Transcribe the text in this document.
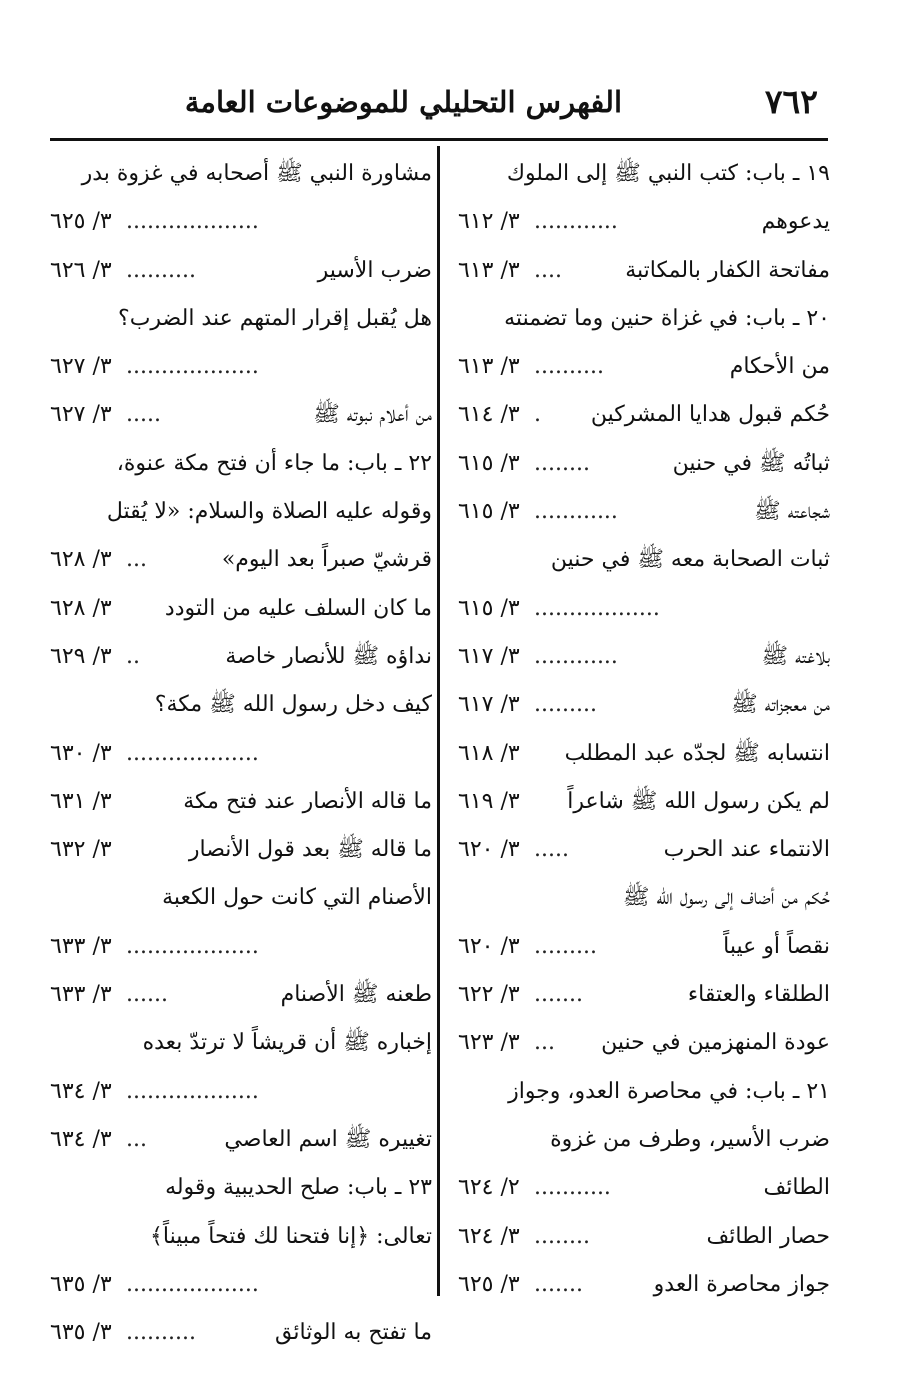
٧٦٢
الفهرس التحليلي للموضوعات العامة
١٩ ـ باب: كتب النبي ﷺ إلى الملوك
يدعوهم
............
٣/ ٦١٢
مفاتحة الكفار بالمكاتبة
....
٣/ ٦١٣
٢٠ ـ باب: في غزاة حنين وما تضمنته
من الأحكام
..........
٣/ ٦١٣
حُكم قبول هدايا المشركين
.
٣/ ٦١٤
ثباتُه ﷺ في حنين
........
٣/ ٦١٥
شجاعته ﷺ
............
٣/ ٦١٥
ثبات الصحابة معه ﷺ في حنين
..................
٣/ ٦١٥
بلاغته ﷺ
............
٣/ ٦١٧
من معجزاته ﷺ
.........
٣/ ٦١٧
انتسابه ﷺ لجدّه عبد المطلب
٣/ ٦١٨
لم يكن رسول الله ﷺ شاعراً
٣/ ٦١٩
الانتماء عند الحرب
.....
٣/ ٦٢٠
حُكم من أضاف إلى رسول الله ﷺ
نقصاً أو عيباً
.........
٣/ ٦٢٠
الطلقاء والعتقاء
.......
٣/ ٦٢٢
عودة المنهزمين في حنين
...
٣/ ٦٢٣
٢١ ـ باب: في محاصرة العدو، وجواز
ضرب الأسير، وطرف من غزوة
الطائف
...........
٢/ ٦٢٤
حصار الطائف
........
٣/ ٦٢٤
جواز محاصرة العدو
.......
٣/ ٦٢٥
مشاورة النبي ﷺ أصحابه في غزوة بدر
...................
٣/ ٦٢٥
ضرب الأسير
..........
٣/ ٦٢٦
هل يُقبل إقرار المتهم عند الضرب؟
...................
٣/ ٦٢٧
من أعلام نبوته ﷺ
.....
٣/ ٦٢٧
٢٢ ـ باب: ما جاء أن فتح مكة عنوة،
وقوله عليه الصلاة والسلام: «لا يُقتل
قرشيّ صبراً بعد اليوم»
...
٣/ ٦٢٨
ما كان السلف عليه من التودد
٣/ ٦٢٨
نداؤه ﷺ للأنصار خاصة
..
٣/ ٦٢٩
كيف دخل رسول الله ﷺ مكة؟
...................
٣/ ٦٣٠
ما قاله الأنصار عند فتح مكة
٣/ ٦٣١
ما قاله ﷺ بعد قول الأنصار
٣/ ٦٣٢
الأصنام التي كانت حول الكعبة
...................
٣/ ٦٣٣
طعنه ﷺ الأصنام
......
٣/ ٦٣٣
إخباره ﷺ أن قريشاً لا ترتدّ بعده
...................
٣/ ٦٣٤
تغييره ﷺ اسم العاصي
...
٣/ ٦٣٤
٢٣ ـ باب: صلح الحديبية وقوله
تعالى: ﴿إنا فتحنا لك فتحاً مبيناً﴾
...................
٣/ ٦٣٥
ما تفتح به الوثائق
..........
٣/ ٦٣٥
